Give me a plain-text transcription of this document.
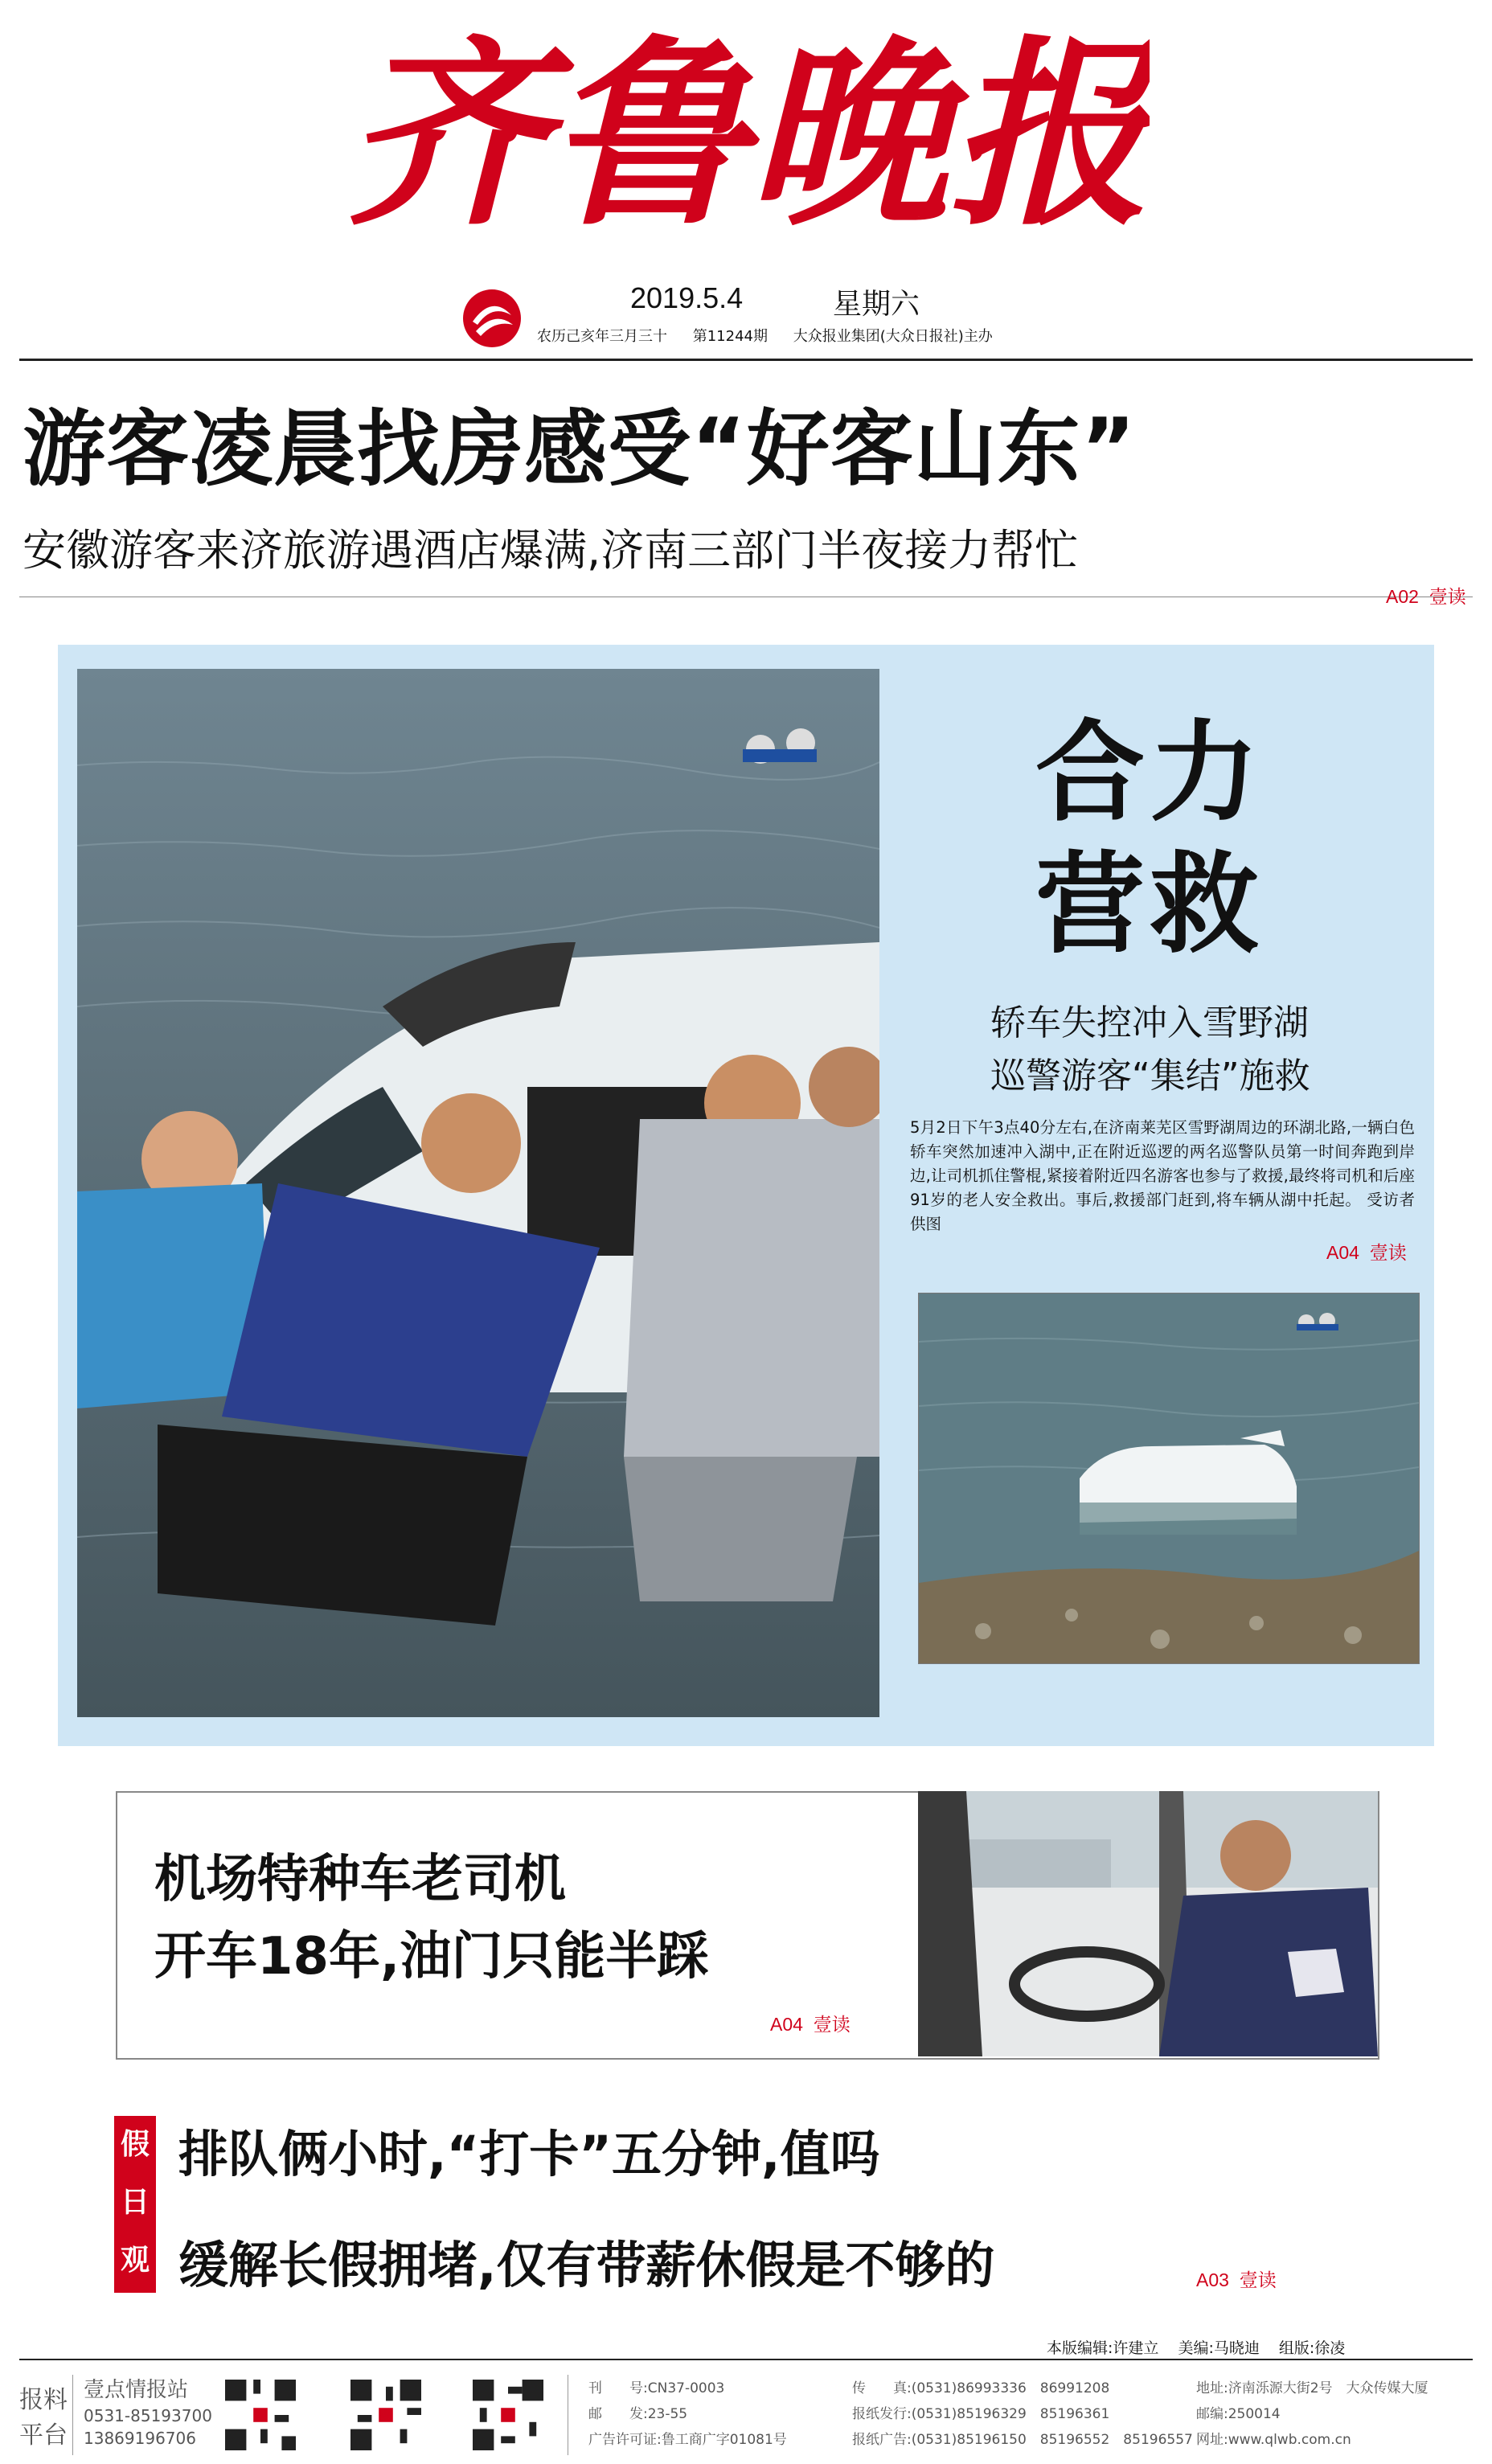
齐鲁晚报
2019.5.4	星期六
农历己亥年三月三十 第11244期 大众报业集团(大众日报社)主办
游客凌晨找房感受“好客山东”
安徽游客来济旅游遇酒店爆满,济南三部门半夜接力帮忙
A02 壹读
合力
营救
轿车失控冲入雪野湖
巡警游客“集结”施救
5月2日下午3点40分左右,在济南莱芜区雪野湖周边的环湖北路,一辆白色轿车突然加速冲入湖中,正在附近巡逻的两名巡警队员第一时间奔跑到岸边,让司机抓住警棍,紧接着附近四名游客也参与了救援,最终将司机和后座91岁的老人安全救出。事后,救援部门赶到,将车辆从湖中托起。 受访者供图
A04 壹读
机场特种车老司机
开车18年,油门只能半踩
A04 壹读
假
日
观
排队俩小时,“打卡”五分钟,值吗
缓解长假拥堵,仅有带薪休假是不够的	A03 壹读
本版编辑:许建立 美编:马晓迪 组版:徐凌
报料
平台
壹点情报站
0531-85193700
13869196706
刊　　号:CN37-0003
邮　　发:23-55
广告许可证:鲁工商广字01081号
传　　真:(0531)86993336　86991208
报纸发行:(0531)85196329　85196361
报纸广告:(0531)85196150　85196552　85196557
地址:济南泺源大街2号　大众传媒大厦
邮编:250014
网址:www.qlwb.com.cn
